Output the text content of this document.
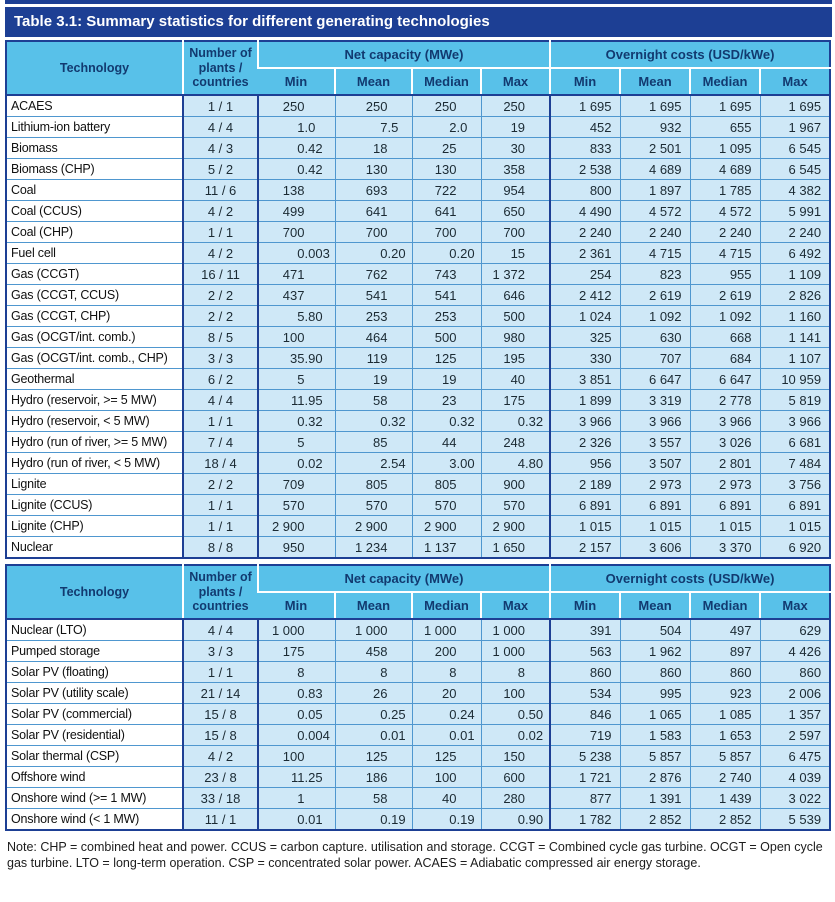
Table 3.1: Summary statistics for different generating technologies
Technology	Number of plants / countries	Net capacity (MWe)				Overnight costs (USD/kWe)			
		Min	Mean	Median	Max	Min	Mean	Median	Max
ACAES	1 / 1	250	250	250	250	1 695	1 695	1 695	1 695
Lithium-ion battery	4 / 4	1 .0	7 .5	2 .0	19	452	932	655	1 967
Biomass	4 / 3	0 .42	18	25	30	833	2 501	1 095	6 545
Biomass (CHP)	5 / 2	0 .42	130	130	358	2 538	4 689	4 689	6 545
Coal	11 / 6	138	693	722	954	800	1 897	1 785	4 382
Coal (CCUS)	4 / 2	499	641	641	650	4 490	4 572	4 572	5 991
Coal (CHP)	1 / 1	700	700	700	700	2 240	2 240	2 240	2 240
Fuel cell	4 / 2	0 .003	0 .20	0 .20	15	2 361	4 715	4 715	6 492
Gas (CCGT)	16 / 11	471	762	743	1 372	254	823	955	1 109
Gas (CCGT, CCUS)	2 / 2	437	541	541	646	2 412	2 619	2 619	2 826
Gas (CCGT, CHP)	2 / 2	5 .80	253	253	500	1 024	1 092	1 092	1 160
Gas (OCGT/int. comb.)	8 / 5	100	464	500	980	325	630	668	1 141
Gas (OCGT/int. comb., CHP)	3 / 3	35 .90	119	125	195	330	707	684	1 107
Geothermal	6 / 2	5	19	19	40	3 851	6 647	6 647	10 959
Hydro (reservoir, >= 5 MW)	4 / 4	11 .95	58	23	175	1 899	3 319	2 778	5 819
Hydro (reservoir, < 5 MW)	1 / 1	0 .32	0 .32	0 .32	0 .32	3 966	3 966	3 966	3 966
Hydro (run of river, >= 5 MW)	7 / 4	5	85	44	248	2 326	3 557	3 026	6 681
Hydro (run of river, < 5 MW)	18 / 4	0 .02	2 .54	3 .00	4 .80	956	3 507	2 801	7 484
Lignite	2 / 2	709	805	805	900	2 189	2 973	2 973	3 756
Lignite (CCUS)	1 / 1	570	570	570	570	6 891	6 891	6 891	6 891
Lignite (CHP)	1 / 1	2 900	2 900	2 900	2 900	1 015	1 015	1 015	1 015
Nuclear	8 / 8	950	1 234	1 137	1 650	2 157	3 606	3 370	6 920
Technology	Number of plants / countries	Net capacity (MWe)				Overnight costs (USD/kWe)			
		Min	Mean	Median	Max	Min	Mean	Median	Max
Nuclear (LTO)	4 / 4	1 000	1 000	1 000	1 000	391	504	497	629
Pumped storage	3 / 3	175	458	200	1 000	563	1 962	897	4 426
Solar PV (floating)	1 / 1	8	8	8	8	860	860	860	860
Solar PV (utility scale)	21 / 14	0 .83	26	20	100	534	995	923	2 006
Solar PV (commercial)	15 / 8	0 .05	0 .25	0 .24	0 .50	846	1 065	1 085	1 357
Solar PV (residential)	15 / 8	0 .004	0 .01	0 .01	0 .02	719	1 583	1 653	2 597
Solar thermal (CSP)	4 / 2	100	125	125	150	5 238	5 857	5 857	6 475
Offshore wind	23 / 8	11 .25	186	100	600	1 721	2 876	2 740	4 039
Onshore wind (>= 1 MW)	33 / 18	1	58	40	280	877	1 391	1 439	3 022
Onshore wind (< 1 MW)	11 / 1	0 .01	0 .19	0 .19	0 .90	1 782	2 852	2 852	5 539

Note: CHP = combined heat and power. CCUS = carbon capture. utilisation and storage. CCGT = Combined cycle gas turbine. OCGT = Open cycle gas turbine. LTO = long-term operation. CSP = concentrated solar power. ACAES = Adiabatic compressed air energy storage.
